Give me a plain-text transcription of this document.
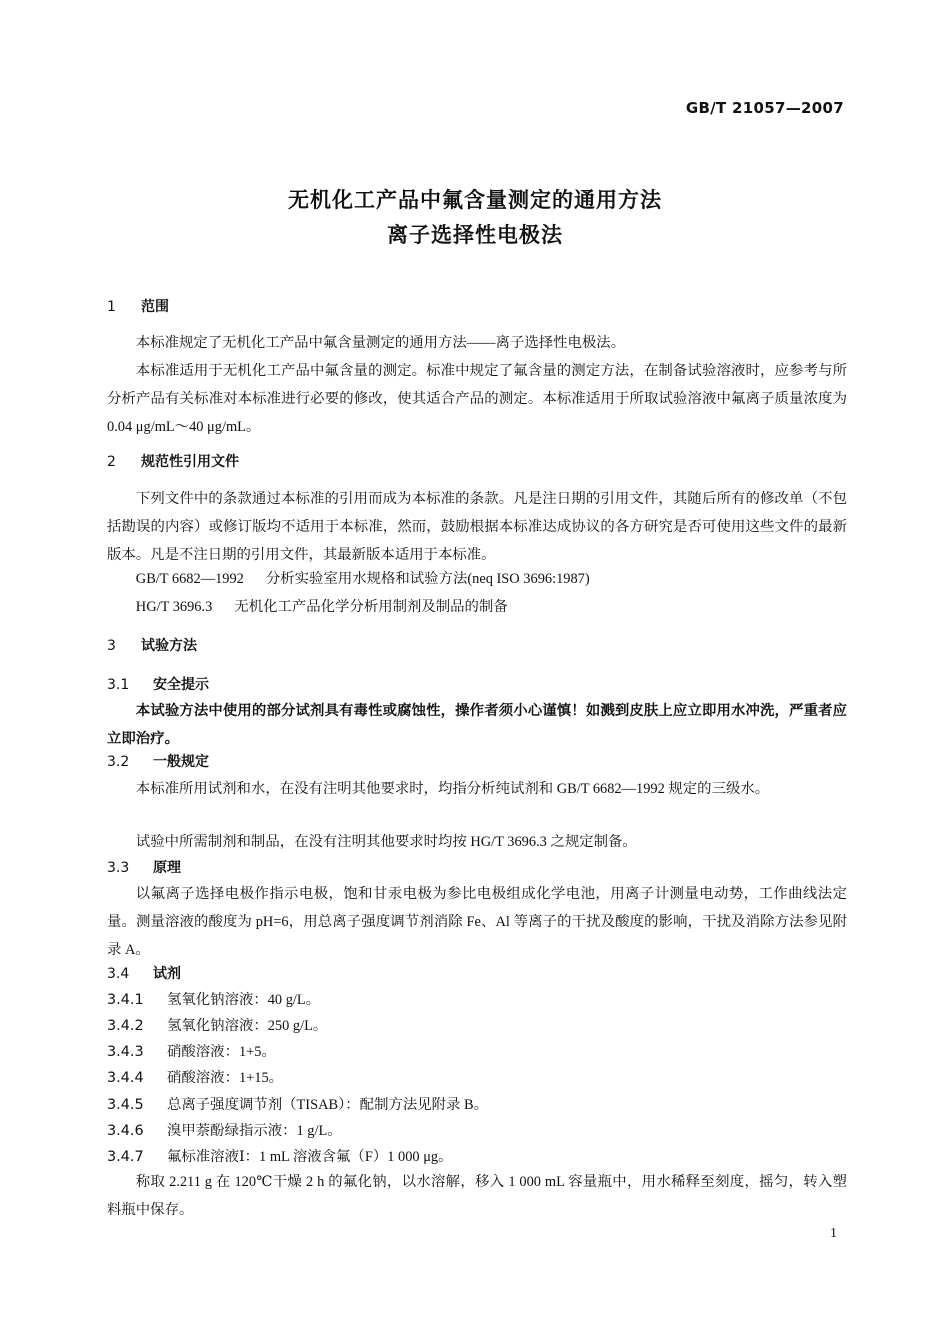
GB/T 21057—2007
无机化工产品中氟含量测定的通用方法
离子选择性电极法
1 范围

本标准规定了无机化工产品中氟含量测定的通用方法——离子选择性电极法。

本标准适用于无机化工产品中氟含量的测定。标准中规定了氟含量的测定方法，在制备试验溶液时，应参考与所分析产品有关标准对本标准进行必要的修改，使其适合产品的测定。本标准适用于所取试验溶液中氟离子质量浓度为 0.04 μg/mL～40 μg/mL。

2 规范性引用文件

下列文件中的条款通过本标准的引用而成为本标准的条款。凡是注日期的引用文件，其随后所有的修改单（不包括勘误的内容）或修订版均不适用于本标准，然而，鼓励根据本标准达成协议的各方研究是否可使用这些文件的最新版本。凡是不注日期的引用文件，其最新版本适用于本标准。

GB/T 6682—1992 分析实验室用水规格和试验方法(neq ISO 3696:1987)
HG/T 3696.3 无机化工产品化学分析用制剂及制品的制备
3 试验方法
3.1 安全提示

本试验方法中使用的部分试剂具有毒性或腐蚀性，操作者须小心谨慎！如溅到皮肤上应立即用水冲洗，严重者应立即治疗。

3.2 一般规定

本标准所用试剂和水，在没有注明其他要求时，均指分析纯试剂和 GB/T 6682—1992 规定的三级水。

试验中所需制剂和制品，在没有注明其他要求时均按 HG/T 3696.3 之规定制备。

3.3 原理

以氟离子选择电极作指示电极，饱和甘汞电极为参比电极组成化学电池，用离子计测量电动势，工作曲线法定量。测量溶液的酸度为 pH=6，用总离子强度调节剂消除 Fe、Al 等离子的干扰及酸度的影响，干扰及消除方法参见附录 A。

3.4 试剂
3.4.1 氢氧化钠溶液：40 g/L。
3.4.2 氢氧化钠溶液：250 g/L。
3.4.3 硝酸溶液：1+5。
3.4.4 硝酸溶液：1+15。
3.4.5 总离子强度调节剂（TISAB）：配制方法见附录 B。
3.4.6 溴甲萘酚绿指示液：1 g/L。
3.4.7 氟标准溶液Ⅰ：1 mL 溶液含氟（F）1 000 μg。

称取 2.211 g 在 120℃干燥 2 h 的氟化钠，以水溶解，移入 1 000 mL 容量瓶中，用水稀释至刻度，摇匀，转入塑料瓶中保存。

1
